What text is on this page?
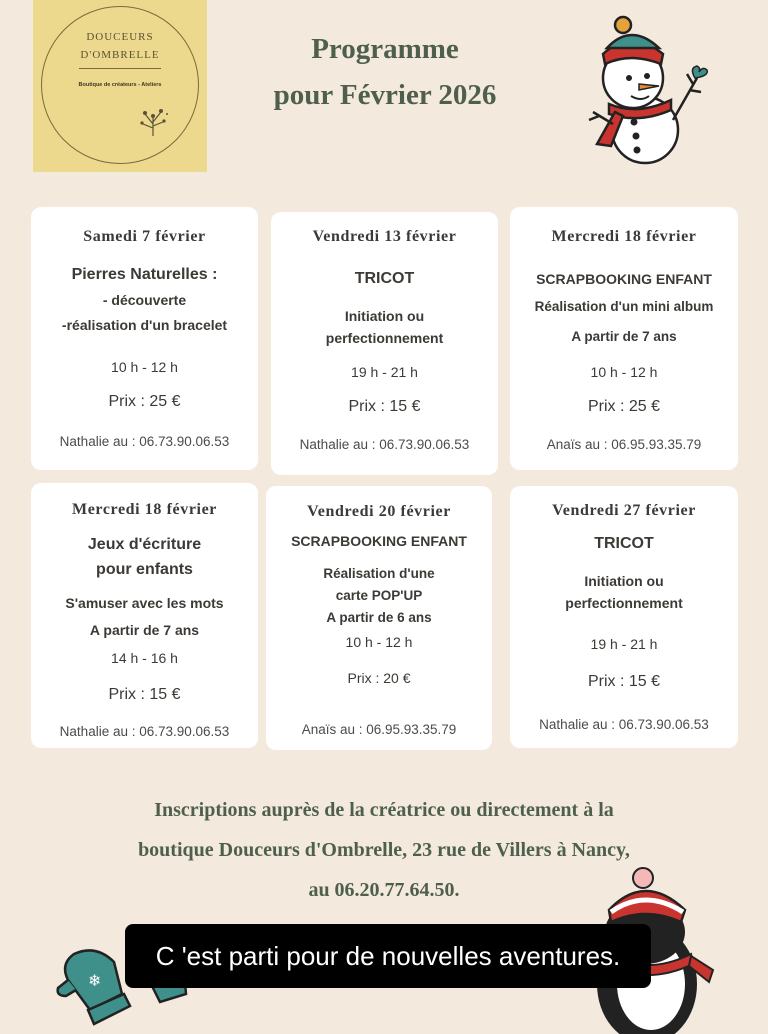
DOUCEURS
D'OMBRELLE
Boutique de créateurs - Ateliers
Programme
pour Février 2026
Samedi 7 février
Pierres Naturelles :
- découverte
-réalisation d'un bracelet
10 h - 12 h
Prix : 25 €
Nathalie au : 06.73.90.06.53
Vendredi 13 février
TRICOT
Initiation ou
perfectionnement
19 h - 21 h
Prix : 15 €
Nathalie au : 06.73.90.06.53
Mercredi 18 février
SCRAPBOOKING ENFANT
Réalisation d'un mini album
A partir de 7 ans
10 h - 12 h
Prix : 25 €
Anaïs au : 06.95.93.35.79
Mercredi 18 février
Jeux d'écriture
pour enfants
S'amuser avec les mots
A partir de 7 ans
14 h - 16 h
Prix : 15 €
Nathalie au : 06.73.90.06.53
Vendredi 20 février
SCRAPBOOKING ENFANT
Réalisation d'une
carte POP'UP
A partir de 6 ans
10 h - 12 h
Prix : 20 €
Anaïs au : 06.95.93.35.79
Vendredi 27 février
TRICOT
Initiation ou
perfectionnement
19 h - 21 h
Prix : 15 €
Nathalie au : 06.73.90.06.53
Inscriptions auprès de la créatrice ou directement à la
boutique Douceurs d'Ombrelle, 23 rue de Villers à Nancy,
au 06.20.77.64.50.
❄
C 'est parti pour de nouvelles aventures.
